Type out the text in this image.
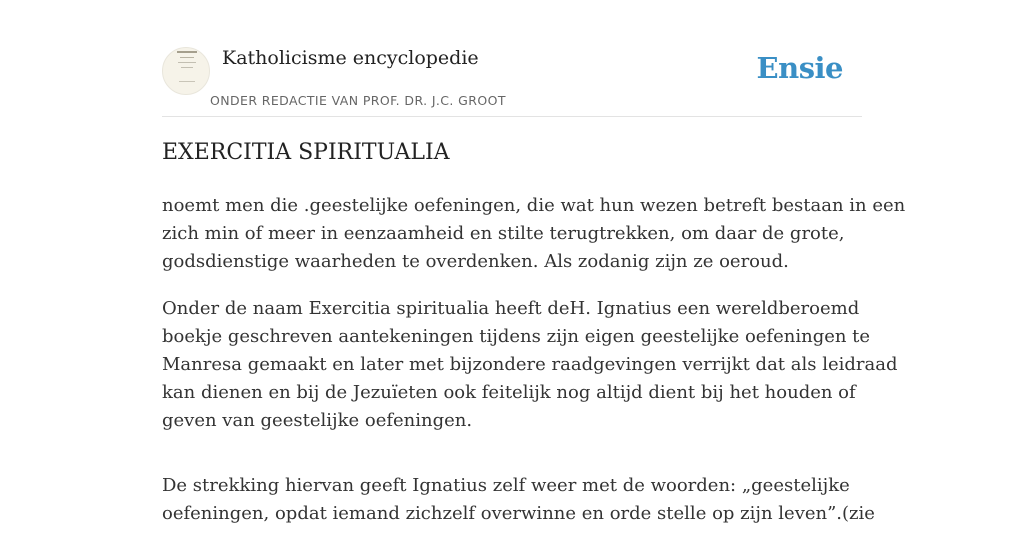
Katholicisme encyclopedie
ONDER REDACTIE VAN PROF. DR. J.C. GROOT
Ensie
EXERCITIA SPIRITUALIA

noemt men die .geestelijke oefeningen, die wat hun wezen betreft bestaan in een
zich min of meer in eenzaamheid en stilte terugtrekken, om daar de grote,
godsdienstige waarheden te overdenken. Als zodanig zijn ze oeroud.

Onder de naam Exercitia spiritualia heeft deH. Ignatius een wereldberoemd
boekje geschreven aantekeningen tijdens zijn eigen geestelijke oefeningen te
Manresa gemaakt en later met bijzondere raadgevingen verrijkt dat als leidraad
kan dienen en bij de Jezuïeten ook feitelijk nog altijd dient bij het houden of
geven van geestelijke oefeningen.

De strekking hiervan geeft Ignatius zelf weer met de woorden: „geestelijke
oefeningen, opdat iemand zichzelf overwinne en orde stelle op zijn leven”.(zie
